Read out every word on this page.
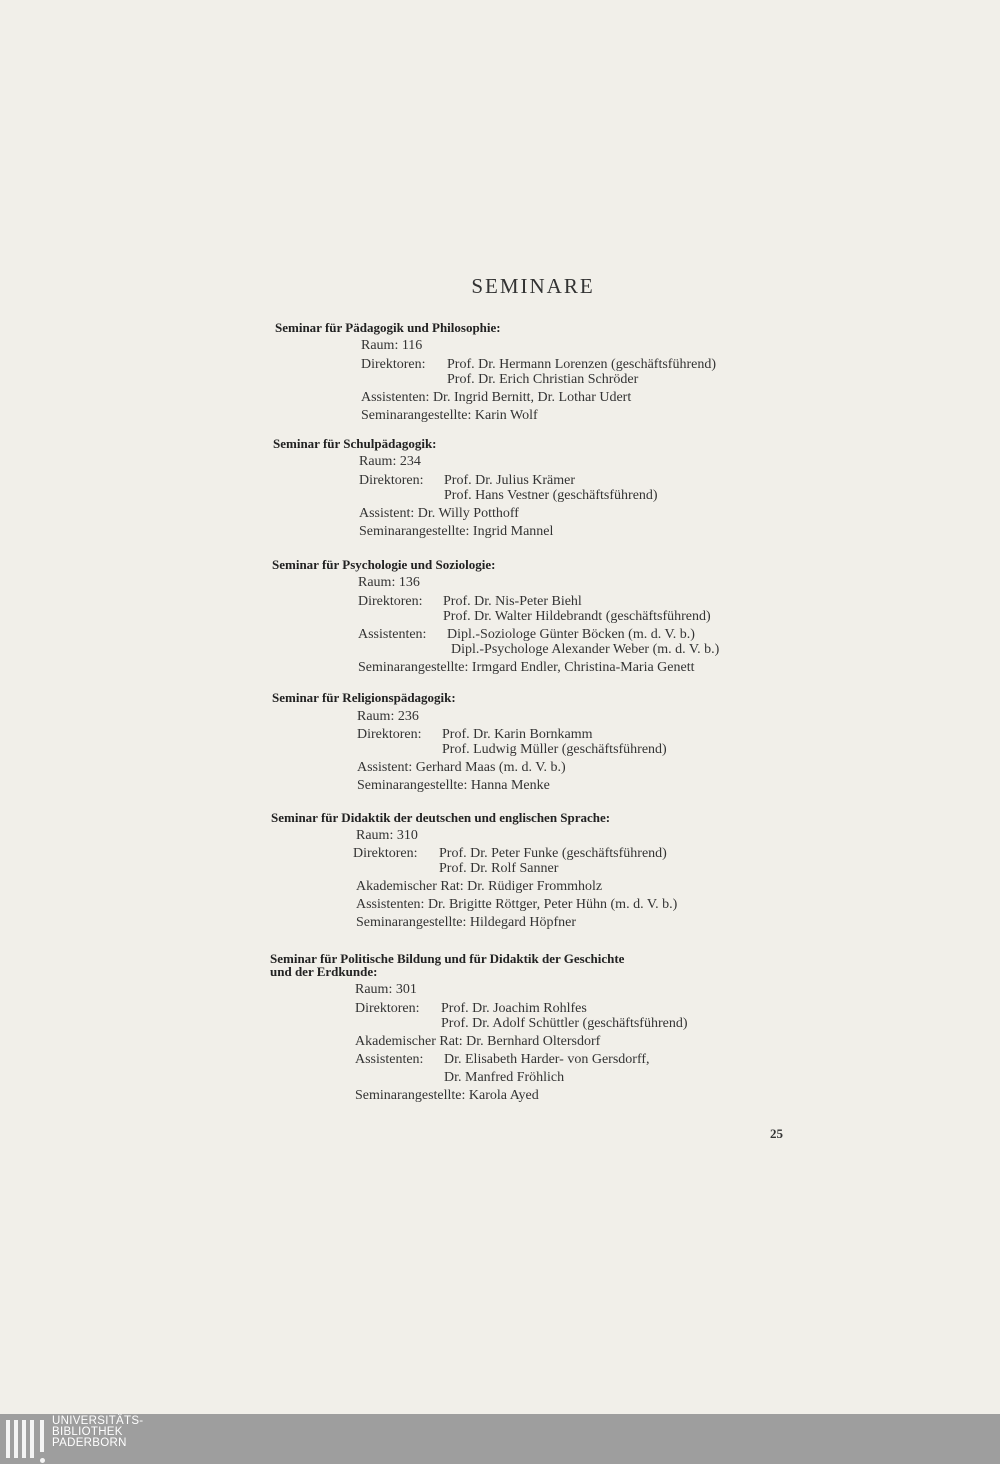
SEMINARE
Seminar für Pädagogik und Philosophie:
Raum: 116
Direktoren: Prof. Dr. Hermann Lorenzen (geschäftsführend)
Prof. Dr. Erich Christian Schröder
Assistenten: Dr. Ingrid Bernitt, Dr. Lothar Udert
Seminarangestellte: Karin Wolf
Seminar für Schulpädagogik:
Raum: 234
Direktoren: Prof. Dr. Julius Krämer
Prof. Hans Vestner (geschäftsführend)
Assistent: Dr. Willy Potthoff
Seminarangestellte: Ingrid Mannel
Seminar für Psychologie und Soziologie:
Raum: 136
Direktoren: Prof. Dr. Nis-Peter Biehl
Prof. Dr. Walter Hildebrandt (geschäftsführend)
Assistenten: Dipl.-Soziologe Günter Böcken (m. d. V. b.)
Dipl.-Psychologe Alexander Weber (m. d. V. b.)
Seminarangestellte: Irmgard Endler, Christina-Maria Genett
Seminar für Religionspädagogik:
Raum: 236
Direktoren: Prof. Dr. Karin Bornkamm
Prof. Ludwig Müller (geschäftsführend)
Assistent: Gerhard Maas (m. d. V. b.)
Seminarangestellte: Hanna Menke
Seminar für Didaktik der deutschen und englischen Sprache:
Raum: 310
Direktoren: Prof. Dr. Peter Funke (geschäftsführend)
Prof. Dr. Rolf Sanner
Akademischer Rat: Dr. Rüdiger Frommholz
Assistenten: Dr. Brigitte Röttger, Peter Hühn (m. d. V. b.)
Seminarangestellte: Hildegard Höpfner
Seminar für Politische Bildung und für Didaktik der Geschichte
und der Erdkunde:
Raum: 301
Direktoren: Prof. Dr. Joachim Rohlfes
Prof. Dr. Adolf Schüttler (geschäftsführend)
Akademischer Rat: Dr. Bernhard Oltersdorf
Assistenten: Dr. Elisabeth Harder- von Gersdorff,
Dr. Manfred Fröhlich
Seminarangestellte: Karola Ayed
25
UNIVERSITÄTS-
BIBLIOTHEK
PADERBORN
